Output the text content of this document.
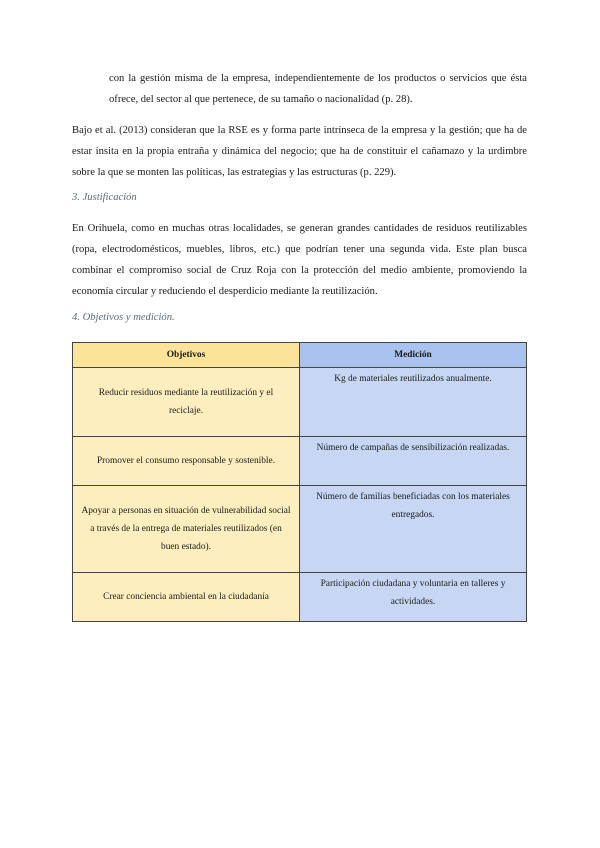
con la gestión misma de la empresa, independientemente de los productos o servicios que ésta ofrece, del sector al que pertenece, de su tamaño o nacionalidad (p. 28).

Bajo et al. (2013) consideran que la RSE es y forma parte intrínseca de la empresa y la gestión; que ha de estar ínsita en la propia entraña y dinámica del negocio; que ha de constituir el cañamazo y la urdimbre sobre la que se monten las políticas, las estrategias y las estructuras (p. 229).

3. Justificación

En Orihuela, como en muchas otras localidades, se generan grandes cantidades de residuos reutilizables (ropa, electrodomésticos, muebles, libros, etc.) que podrían tener una segunda vida. Este plan busca combinar el compromiso social de Cruz Roja con la protección del medio ambiente, promoviendo la economía circular y reduciendo el desperdicio mediante la reutilización.

4. Objetivos y medición.
Objetivos	Medición
Reducir residuos mediante la reutilización y el reciclaje.	Kg de materiales reutilizados anualmente.
Promover el consumo responsable y sostenible.	Número de campañas de sensibilización realizadas.
Apoyar a personas en situación de vulnerabilidad social a través de la entrega de materiales reutilizados (en buen estado).	Número de familias beneficiadas con los materiales entregados.
Crear conciencia ambiental en la ciudadanía	Participación ciudadana y voluntaria en talleres y actividades.
